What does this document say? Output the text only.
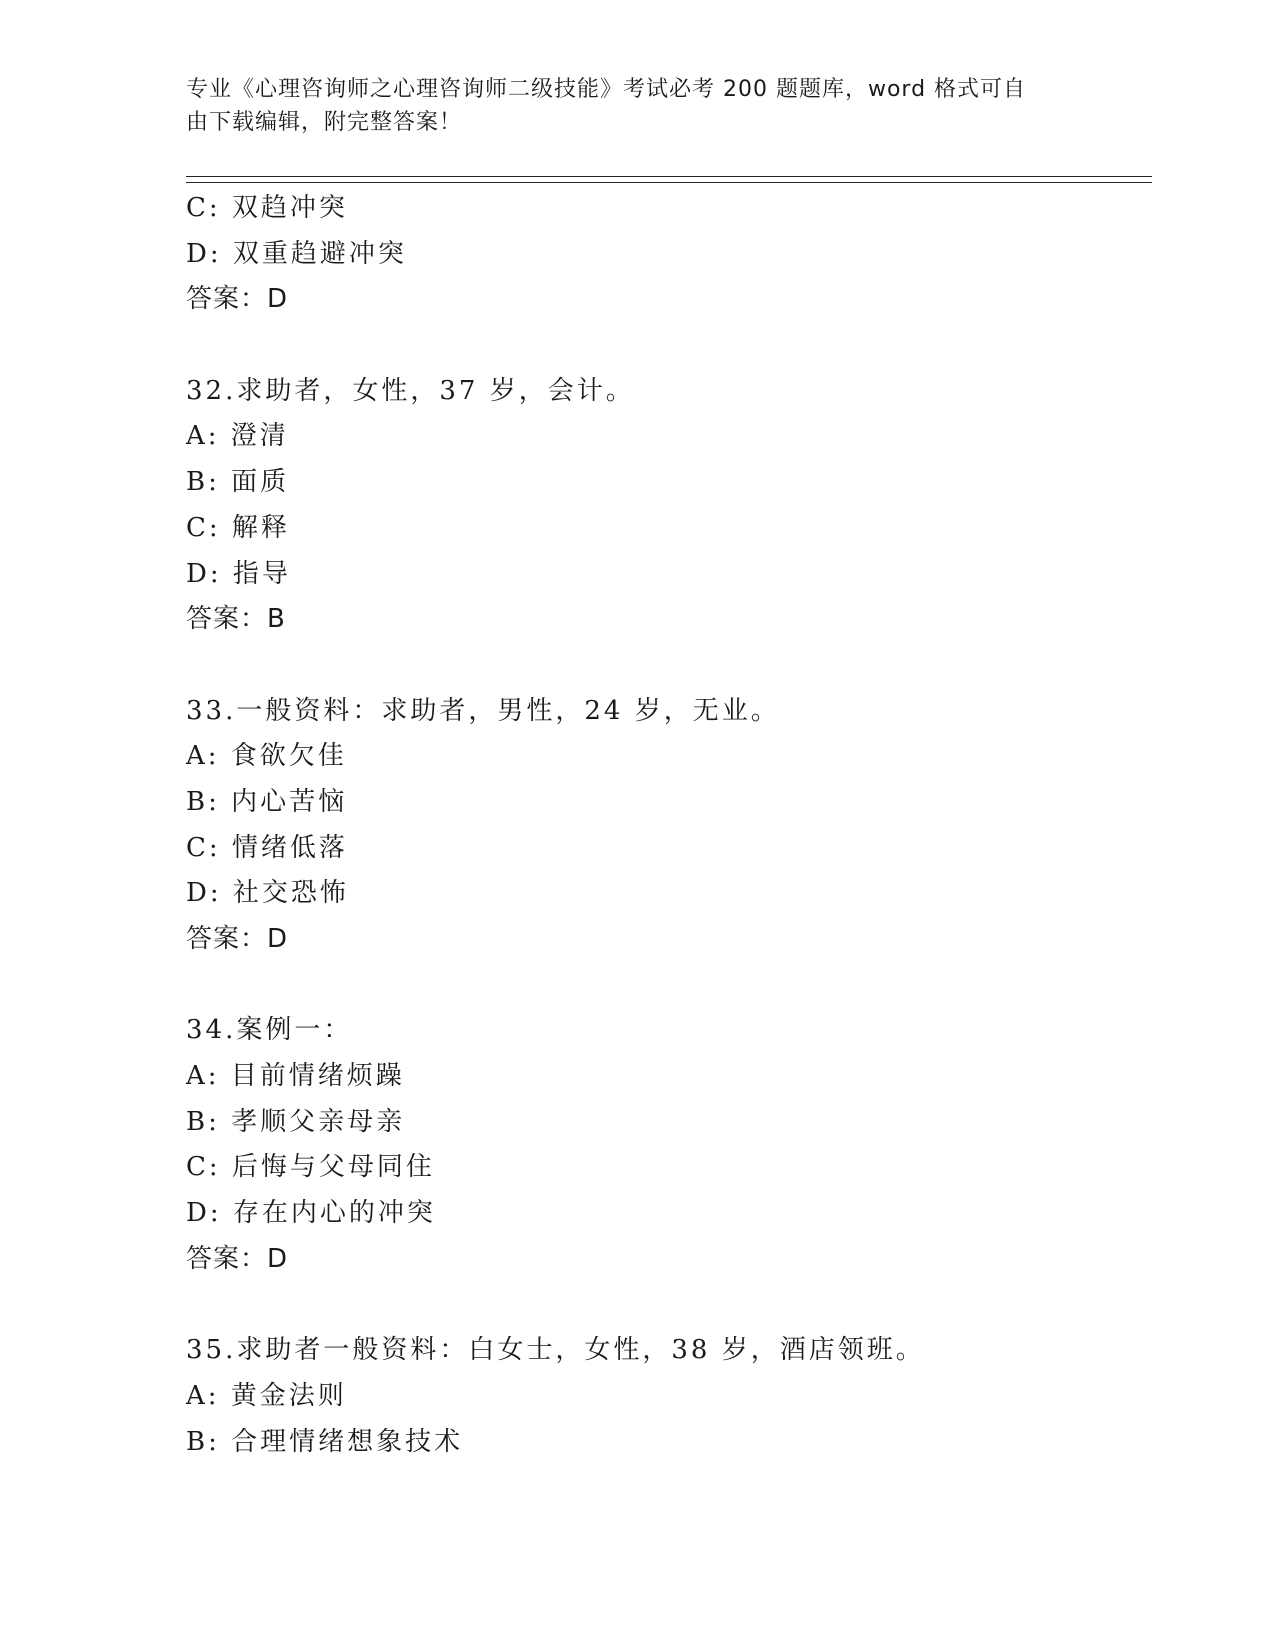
专业《心理咨询师之心理咨询师二级技能》考试必考 200 题题库，word 格式可自
由下载编辑，附完整答案！
C: 双趋冲突
D: 双重趋避冲突
答案：D
32.求助者，女性，37 岁，会计。
A: 澄清
B: 面质
C: 解释
D: 指导
答案：B
33.一般资料：求助者，男性，24 岁，无业。
A: 食欲欠佳
B: 内心苦恼
C: 情绪低落
D: 社交恐怖
答案：D
34.案例一：
A: 目前情绪烦躁
B: 孝顺父亲母亲
C: 后悔与父母同住
D: 存在内心的冲突
答案：D
35.求助者一般资料：白女士，女性，38 岁，酒店领班。
A: 黄金法则
B: 合理情绪想象技术
